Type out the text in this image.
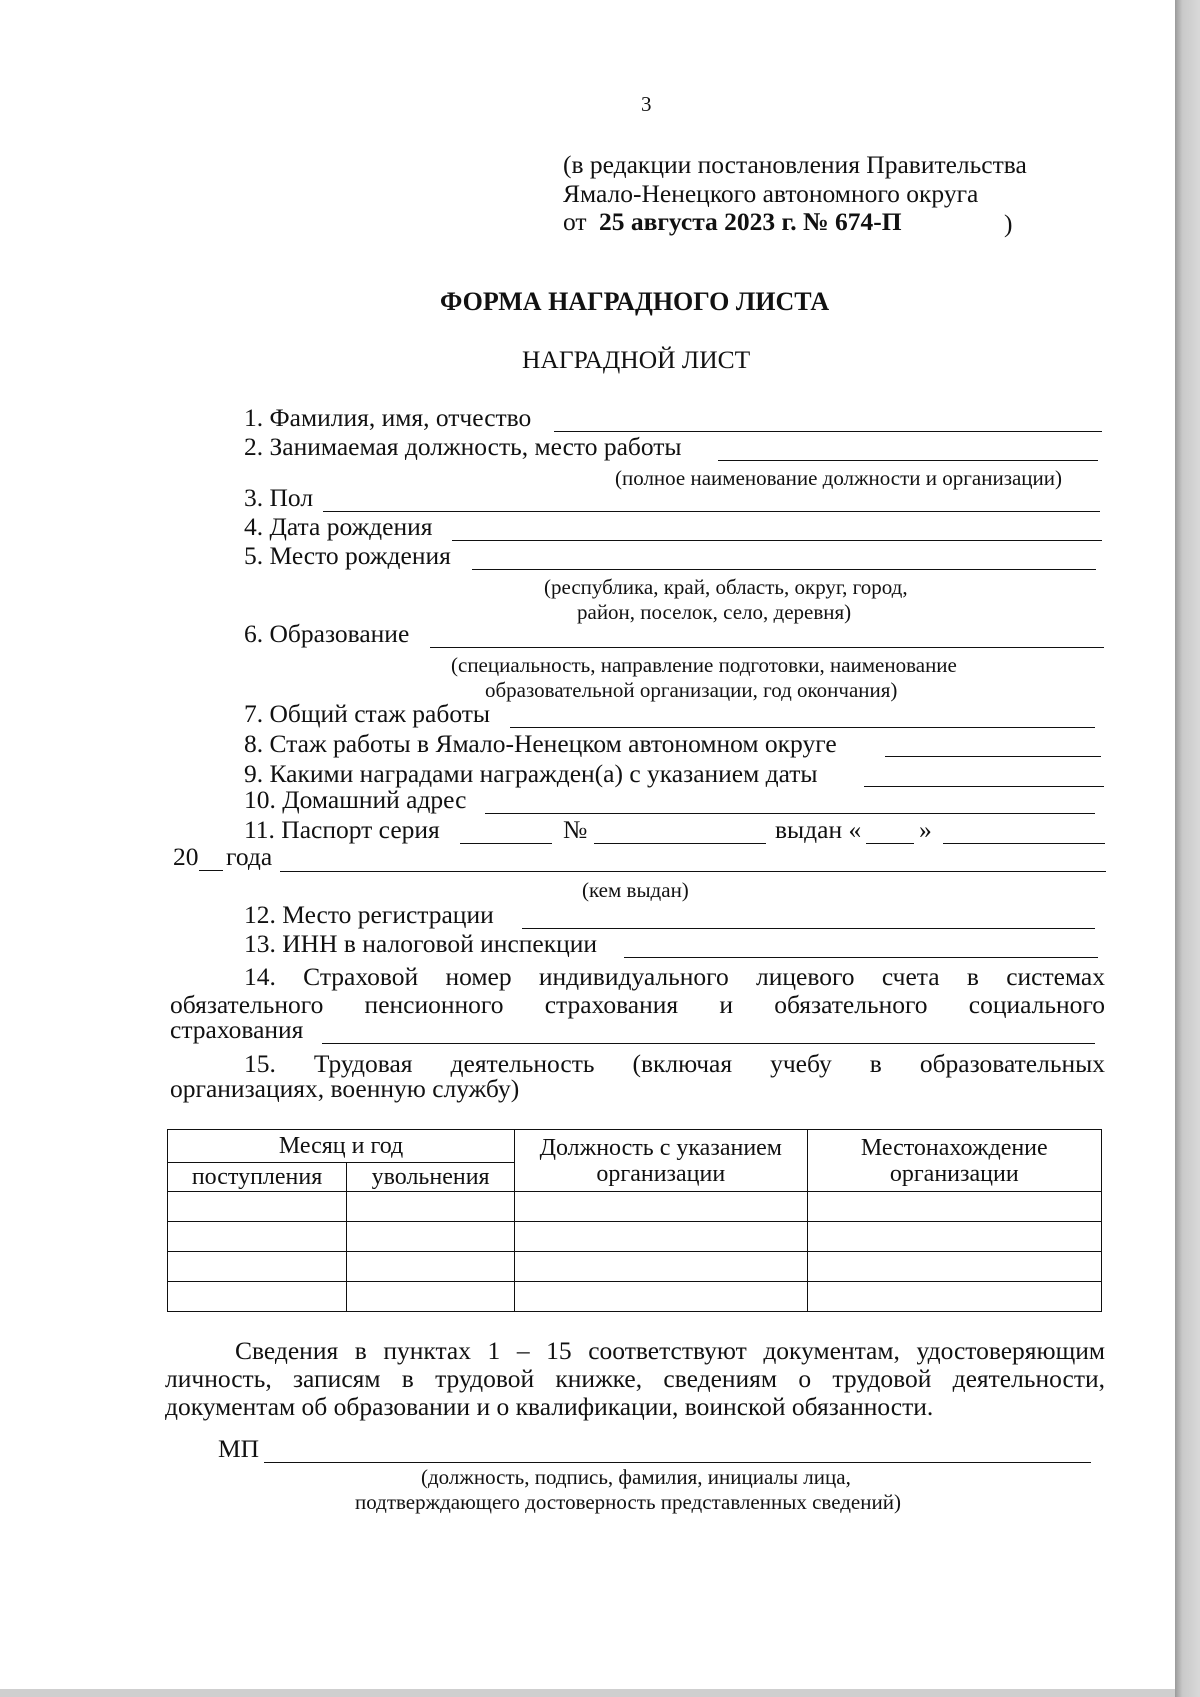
3
(в редакции постановления Правительства
Ямало-Ненецкого автономного округа
от 25 августа 2023 г. № 674-П	)
ФОРМА НАГРАДНОГО ЛИСТА
НАГРАДНОЙ ЛИСТ
1. Фамилия, имя, отчество
2. Занимаемая должность, место работы
(полное наименование должности и организации)
3. Пол
4. Дата рождения
5. Место рождения
(республика, край, область, округ, город,
район, поселок, село, деревня)
6. Образование
(специальность, направление подготовки, наименование
образовательной организации, год окончания)
7. Общий стаж работы
8. Стаж работы в Ямало-Ненецком автономном округе
9. Какими наградами награжден(а) с указанием даты
10. Домашний адрес
11. Паспорт серия	№	выдан « »
20 года
(кем выдан)
12. Место регистрации
13. ИНН в налоговой инспекции
14. Страховой номер индивидуального лицевого счета в системах
обязательного пенсионного страхования и обязательного социального
страхования
15. Трудовая деятельность (включая учебу в образовательных
организациях, военную службу)
Месяц и год		Должность с указанием организации	Местонахождение организации
поступления	увольнения		

Сведения в пунктах 1 – 15 соответствуют документам, удостоверяющим
личность, записям в трудовой книжке, сведениям о трудовой деятельности,
документам об образовании и о квалификации, воинской обязанности.
МП
(должность, подпись, фамилия, инициалы лица,
подтверждающего достоверность представленных сведений)
